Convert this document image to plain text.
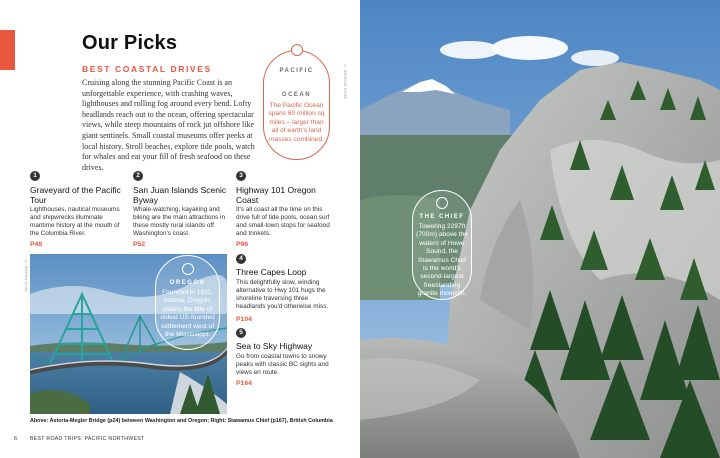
Our Picks
BEST COASTAL DRIVES

Cruising along the stunning Pacific Coast is an unforgettable experience, with crashing waves, lighthouses and rolling fog around every bend. Lofty headlands reach out to the ocean, offering spectacular views, while steep mountains of rock jut offshore like giant sentinels. Small coastal museums offer peeks at local history. Stroll beaches, explore tide pools, watch for whales and eat your fill of fresh seafood on these drives.

PACIFIC
OCEAN
The Pacific Ocean spans 60 million sq miles – larger than all of earth's land masses combined.
© GEORGE ROSE
1
Graveyard of the Pacific Tour
Lighthouses, nautical museums and shipwrecks illuminate maritime history at the mouth of the Columbia River.
P48
2
San Juan Islands Scenic Byway
Whale-watching, kayaking and biking are the main attractions in these mostly rural islands off Washington's coast.
P52
3
Highway 101 Oregon Coast
It's all coast all the time on this drive full of tide pools, ocean surf and small-town stops for seafood and trinkets.
P96
4
Three Capes Loop
This delightfully slow, winding alternative to Hwy 101 hugs the shoreline traversing three headlands you'd otherwise miss.
P104
5
Sea to Sky Highway
Go from coastal towns to snowy peaks with classic BC sights and views en route.
P164
© SIERRA CLUB	OREGON
Founded in 1811, Astoria, Oregon, claims the title of oldest US-founded settlement west of the Mississippi.
Above: Astoria-Megler Bridge (p24) between Washington and Oregon; Right: Stawamus Chief (p167), British Columbia
6	BEST ROAD TRIPS: PACIFIC NORTHWEST
THE CHIEF
Towering 2297ft (700m) above the waters of Howe Sound, the Stawamus Chief is the world's second-largest freestanding granite monolith.
